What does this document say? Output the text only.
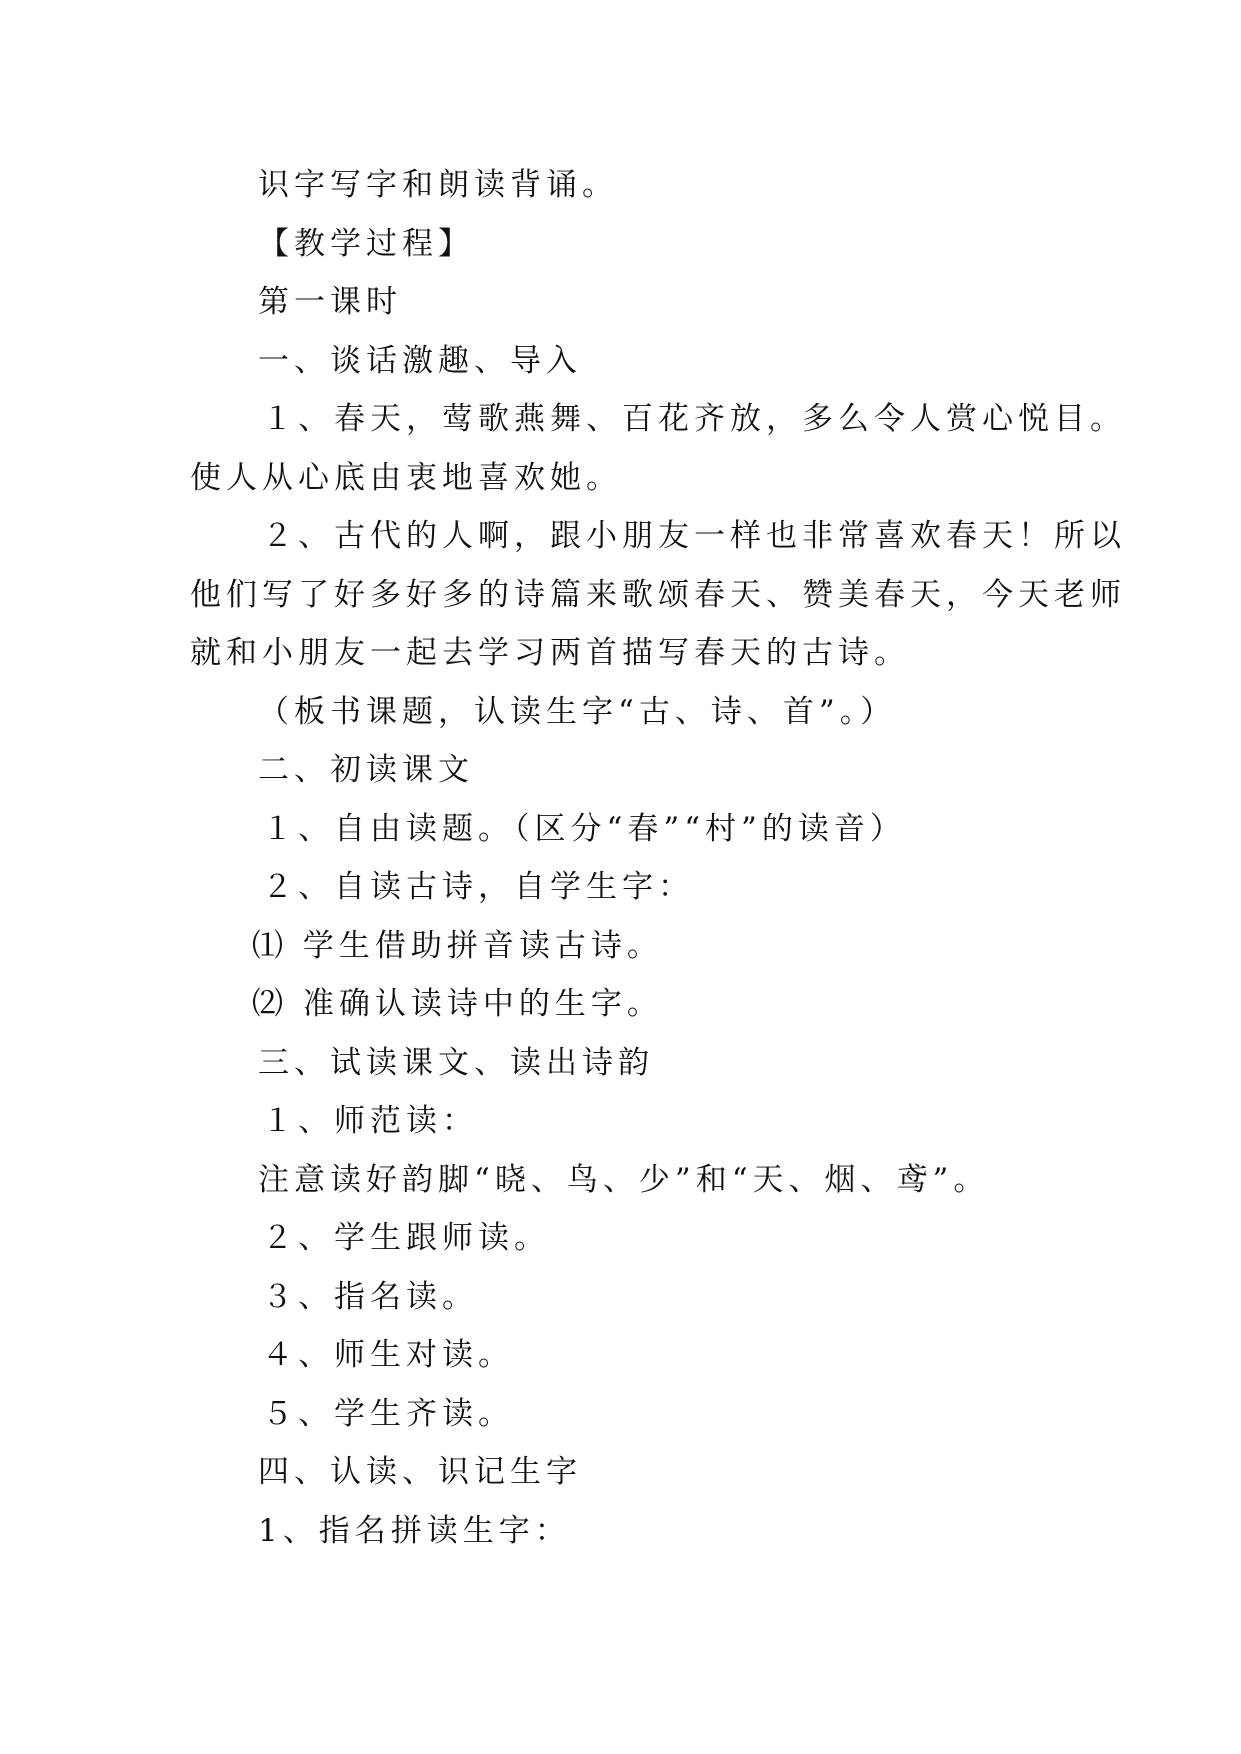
识字写字和朗读背诵。
【教学过程】
第一课时
一、谈话激趣、导入
１、春天，莺歌燕舞、百花齐放，多么令人赏心悦目。
使人从心底由衷地喜欢她。
２、古代的人啊，跟小朋友一样也非常喜欢春天！所以
他们写了好多好多的诗篇来歌颂春天、赞美春天，今天老师
就和小朋友一起去学习两首描写春天的古诗。
（板书课题，认读生字“古、诗、首”。）
二、初读课文
１、自由读题。（区分“春”“村”的读音）
２、自读古诗，自学生字：
⑴ 学生借助拼音读古诗。
⑵ 准确认读诗中的生字。
三、试读课文、读出诗韵
１、师范读：
注意读好韵脚“晓、鸟、少”和“天、烟、鸢”。
２、学生跟师读。
３、指名读。
４、师生对读。
５、学生齐读。
四、认读、识记生字
1、指名拼读生字：
